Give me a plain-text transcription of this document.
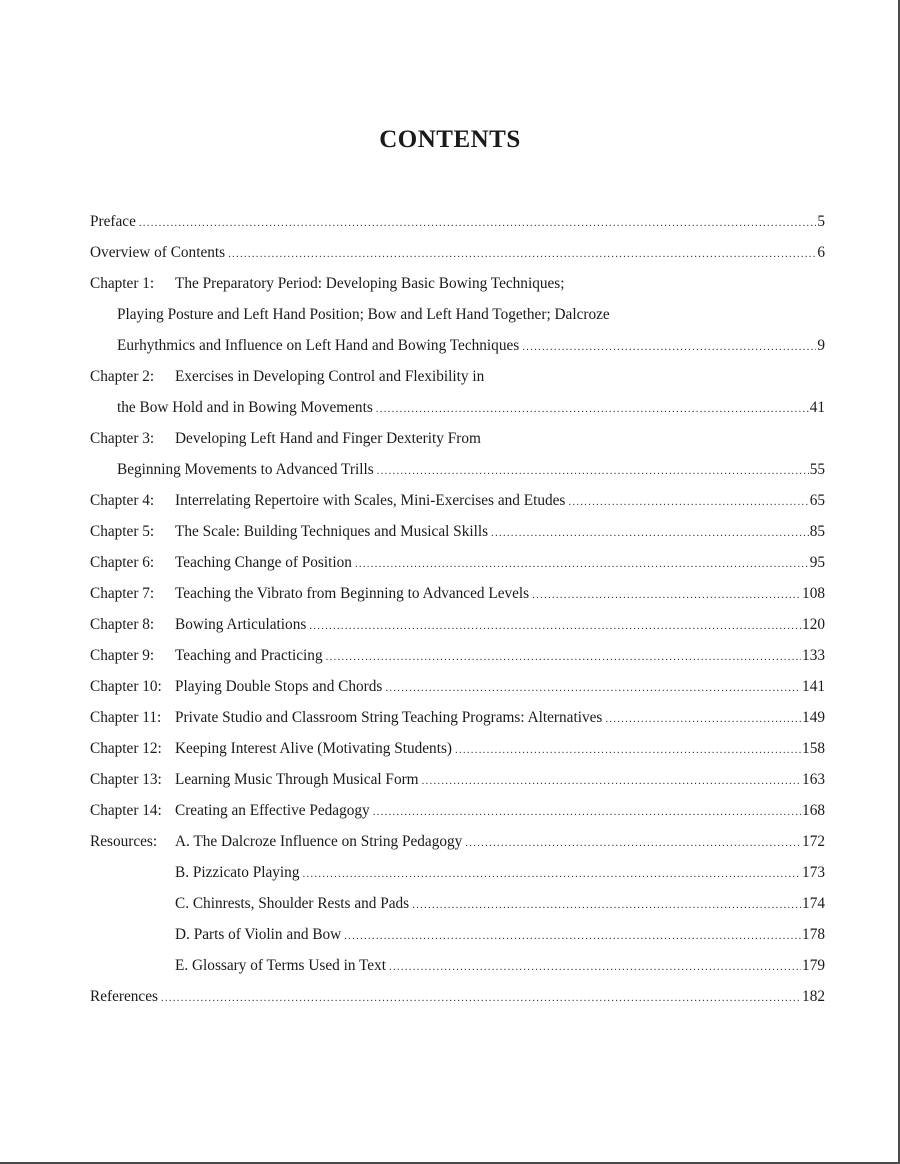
CONTENTS
Preface .....	5
Overview of Contents .....	6
Chapter 1:	The Preparatory Period: Developing Basic Bowing Techniques;
Playing Posture and Left Hand Position; Bow and Left Hand Together; Dalcroze
Eurhythmics and Influence on Left Hand and Bowing Techniques .....	9
Chapter 2:	Exercises in Developing Control and Flexibility in
the Bow Hold and in Bowing Movements .....	41
Chapter 3:	Developing Left Hand and Finger Dexterity From
Beginning Movements to Advanced Trills .....	55
Chapter 4:	Interrelating Repertoire with Scales, Mini-Exercises and Etudes .....	65
Chapter 5:	The Scale: Building Techniques and Musical Skills .....	85
Chapter 6:	Teaching Change of Position .....	95
Chapter 7:	Teaching the Vibrato from Beginning to Advanced Levels .....	108
Chapter 8:	Bowing Articulations .....	120
Chapter 9:	Teaching and Practicing .....	133
Chapter 10: Playing Double Stops and Chords .....	141
Chapter 11: Private Studio and Classroom String Teaching Programs: Alternatives .....	149
Chapter 12: Keeping Interest Alive (Motivating Students) .....	158
Chapter 13: Learning Music Through Musical Form .....	163
Chapter 14: Creating an Effective Pedagogy .....	168
Resources:	A. The Dalcroze Influence on String Pedagogy .....	172
B. Pizzicato Playing .....	173
C. Chinrests, Shoulder Rests and Pads .....	174
D. Parts of Violin and Bow .....	178
E. Glossary of Terms Used in Text .....	179
References .....	182
